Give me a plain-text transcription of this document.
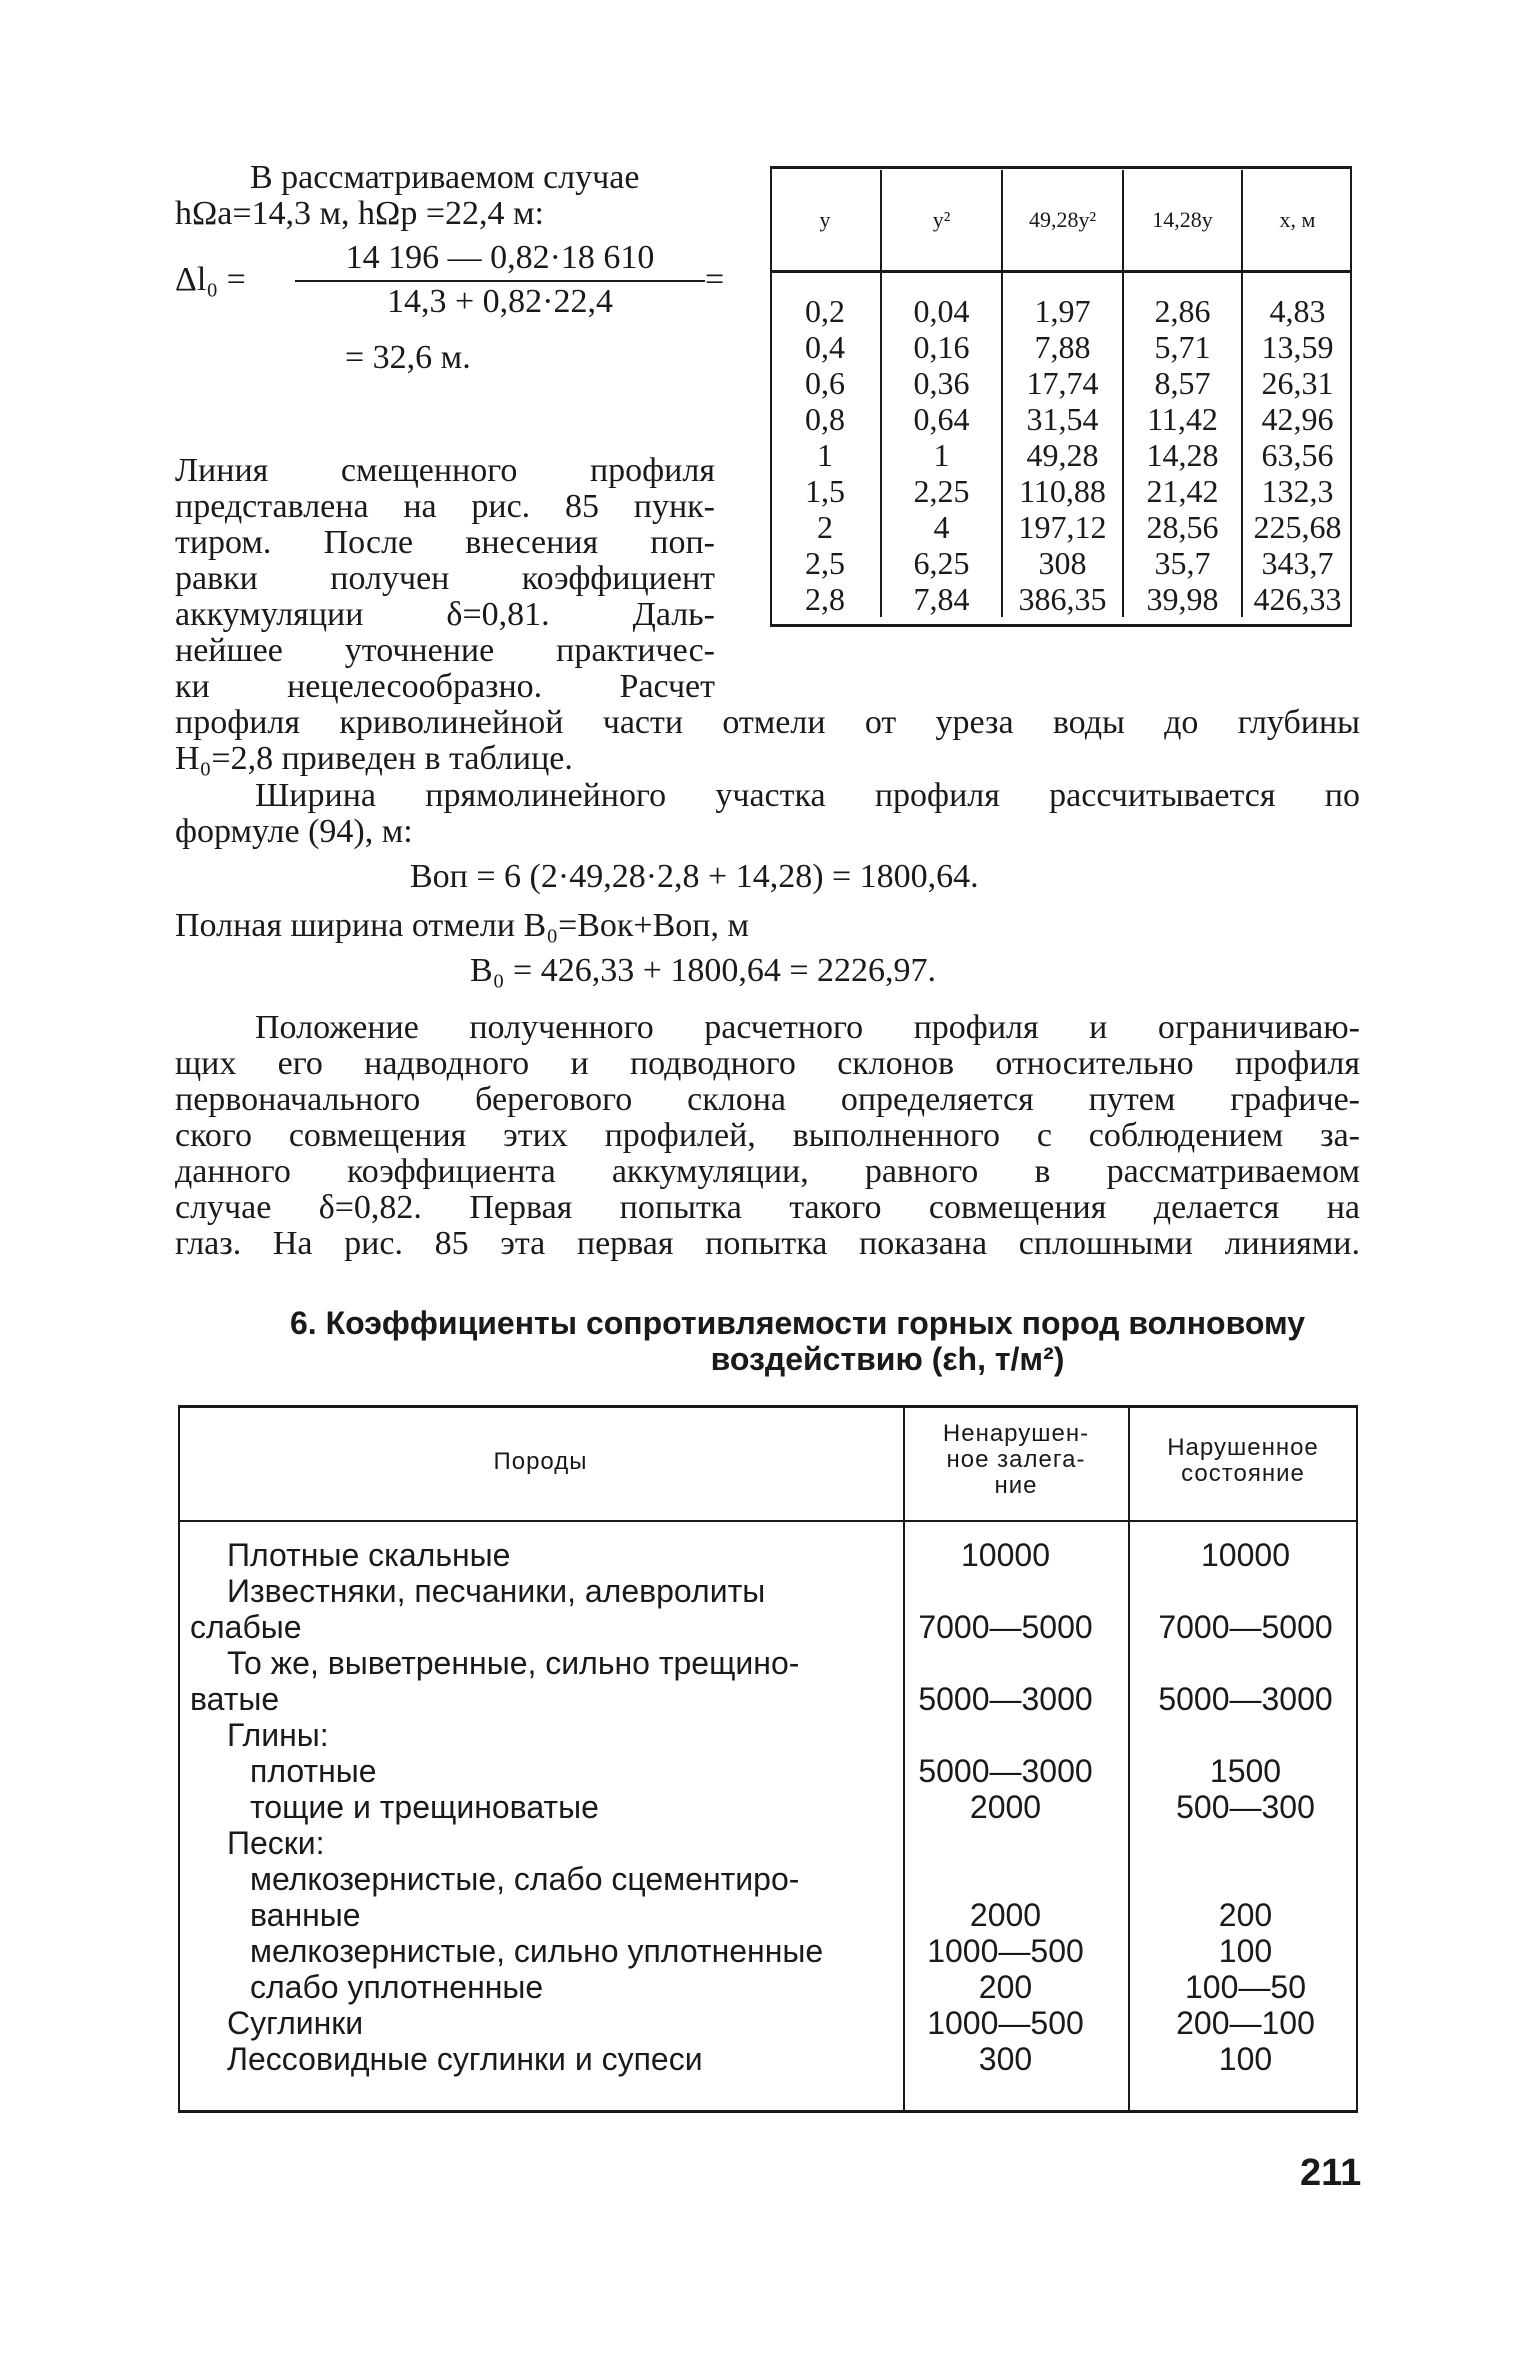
В рассматриваемом случае
hΩа=14,3 м, hΩр =22,4 м:
$\Delta l_0 = \frac{14 196 — 0,82\cdot 18 610}{14,3 + 0,82\cdot 22,4}$ =
= 32,6 м.
Линия смещенного профиля
представлена на рис. 85 пунк-
тиром. После внесения поп-
равки получен коэффициент
аккумуляции δ=0,81. Даль-
нейшее уточнение практичес-
ки нецелесообразно. Расчет
y	y²	49,28y²	14,28y	x, м
0,2	0,04	1,97	2,86	4,83
0,4	0,16	7,88	5,71	13,59
0,6	0,36	17,74	8,57	26,31
0,8	0,64	31,54	11,42	42,96
1	1	49,28	14,28	63,56
1,5	2,25	110,88	21,42	132,3
2	4	197,12	28,56	225,68
2,5	6,25	308	35,7	343,7
2,8	7,84	386,35	39,98	426,33
профиля криволинейной части отмели от уреза воды до глубины
H₀=2,8 приведен в таблице.
Ширина прямолинейного участка профиля рассчитывается по
формуле (94), м:
Bоп = 6 (2·49,28·2,8 + 14,28) = 1800,64.
Полная ширина отмели B₀=Bок+Bоп, м
B₀ = 426,33 + 1800,64 = 2226,97.
Положение полученного расчетного профиля и ограничиваю-
щих его надводного и подводного склонов относительно профиля
первоначального берегового склона определяется путем графиче-
ского совмещения этих профилей, выполненного с соблюдением за-
данного коэффициента аккумуляции, равного в рассматриваемом
случае δ=0,82. Первая попытка такого совмещения делается на
глаз. На рис. 85 эта первая попытка показана сплошными линиями.
6. Коэффициенты сопротивляемости горных пород волновому
воздействию (εh, т/м²)
Породы
Ненарушен-
ное залега-
ние
Нарушенное
состояние
Плотные скальные	10000	10000
Известняки, песчаники, алевролиты
слабые	7000—5000	7000—5000
То же, выветренные, сильно трещино-
ватые	5000—3000	5000—3000
Глины:
плотные	5000—3000	1500
тощие и трещиноватые	2000	500—300
Пески:
мелкозернистые, слабо сцементиро-
ванные	2000	200
мелкозернистые, сильно уплотненные	1000—500	100
слабо уплотненные	200	100—50
Суглинки	1000—500	200—100
Лессовидные суглинки и супеси	300	100
211
